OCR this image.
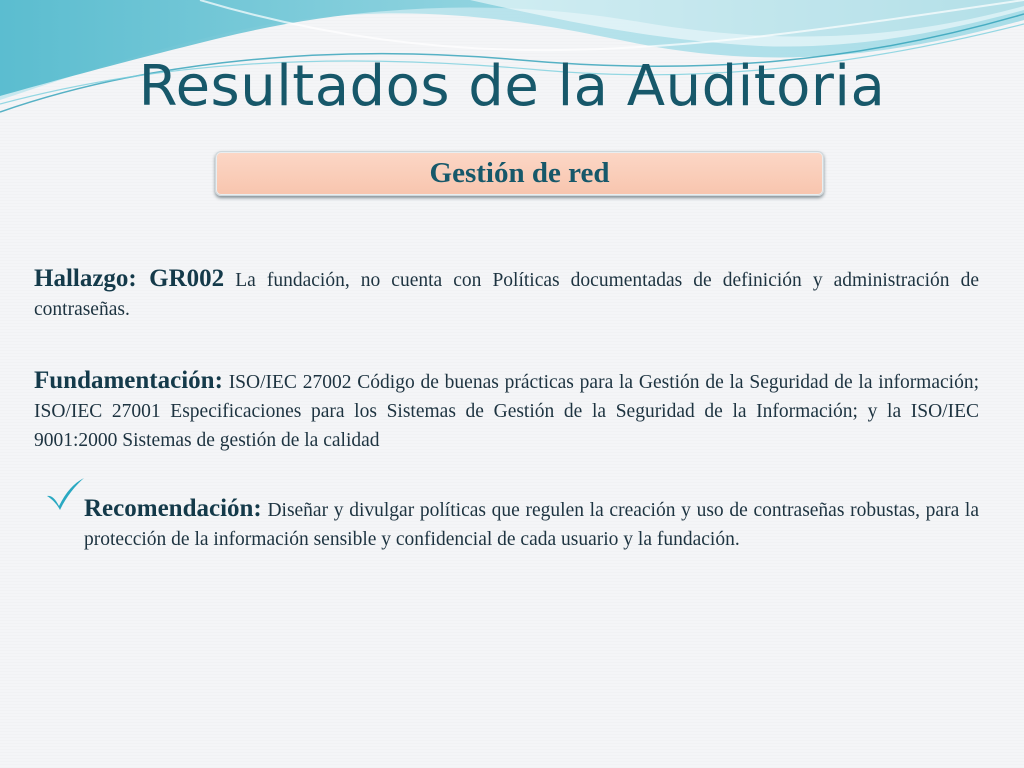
Resultados de la Auditoria
Gestión de red

Hallazgo: GR002 La fundación, no cuenta con Políticas documentadas de definición y administración de contraseñas.

Fundamentación: ISO/IEC 27002 Código de buenas prácticas para la Gestión de la Seguridad de la información; ISO/IEC 27001 Especificaciones para los Sistemas de Gestión de la Seguridad de la Información; y la ISO/IEC 9001:2000 Sistemas de gestión de la calidad

Recomendación: Diseñar y divulgar políticas que regulen la creación y uso de contraseñas robustas, para la protección de la información sensible y confidencial de cada usuario y la fundación.
